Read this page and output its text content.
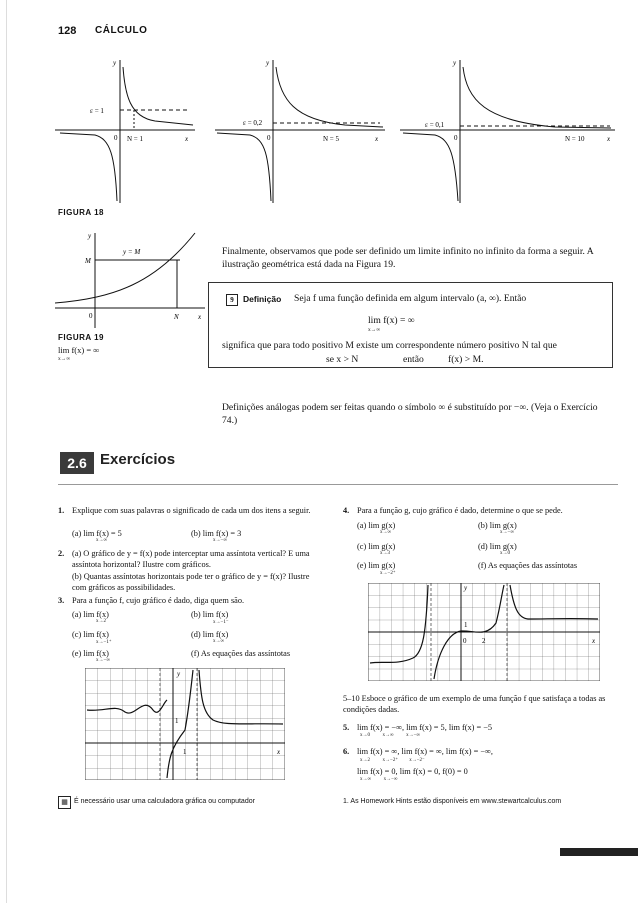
128 CÁLCULO
y	y	y
ε = 1
ε = 0,2	ε = 0,1
N = 1	N = 5	N = 10
0	0	0
x	x	x
FIGURA 18
y
M
y = M
0	N	x
FIGURA 19
lim f(x) = ∞
x→∞
Finalmente, observamos que pode ser definido um limite infinito no infinito da forma a seguir. A ilustração geométrica está dada na Figura 19.
9	Definição Seja f uma função definida em algum intervalo (a, ∞). Então
lim f(x) = ∞
x→∞
significa que para todo positivo M existe um correspondente número positivo N tal que
se x > N	então	f(x) > M.
Definições análogas podem ser feitas quando o símbolo ∞ é substituído por −∞. (Veja o Exercício 74.)
2.6 Exercícios
1. Explique com suas palavras o significado de cada um dos itens a seguir.
(a) lim f(x) = 5
x→∞
(b) lim f(x) = 3
x→−∞
2. (a) O gráfico de y = f(x) pode interceptar uma assíntota vertical? E uma assíntota horizontal? Ilustre com gráficos.
(b) Quantas assíntotas horizontais pode ter o gráfico de y = f(x)? Ilustre com gráficos as possibilidades.
3. Para a função f, cujo gráfico é dado, diga quem são.
(a) lim f(x)
x→2
(b) lim f(x)
x→−1⁻
(c) lim f(x)
x→−1⁺
(d) lim f(x)
x→∞
(e) lim f(x)
x→−∞
(f) As equações das assíntotas
y
x
1
1
4. Para a função g, cujo gráfico é dado, determine o que se pede.
(a) lim g(x)
x→∞
(b) lim g(x)
x→−∞
(c) lim g(x)
x→3
(d) lim g(x)
x→0
(e) lim g(x)
x→−2⁺
(f) As equações das assíntotas
y
x
1
0 2
5–10 Esboce o gráfico de um exemplo de uma função f que satisfaça a todas as condições dadas.
5. lim f(x) = −∞, lim f(x) = 5, lim f(x) = −5
x→0          x→∞          x→−∞
6. lim f(x) = ∞, lim f(x) = ∞, lim f(x) = −∞,
x→2          x→−2⁺         x→−2⁻
lim f(x) = 0, lim f(x) = 0, f(0) = 0
x→∞          x→−∞
▦ É necessário usar uma calculadora gráfica ou computador	1. As Homework Hints estão disponíveis em www.stewartcalculus.com
